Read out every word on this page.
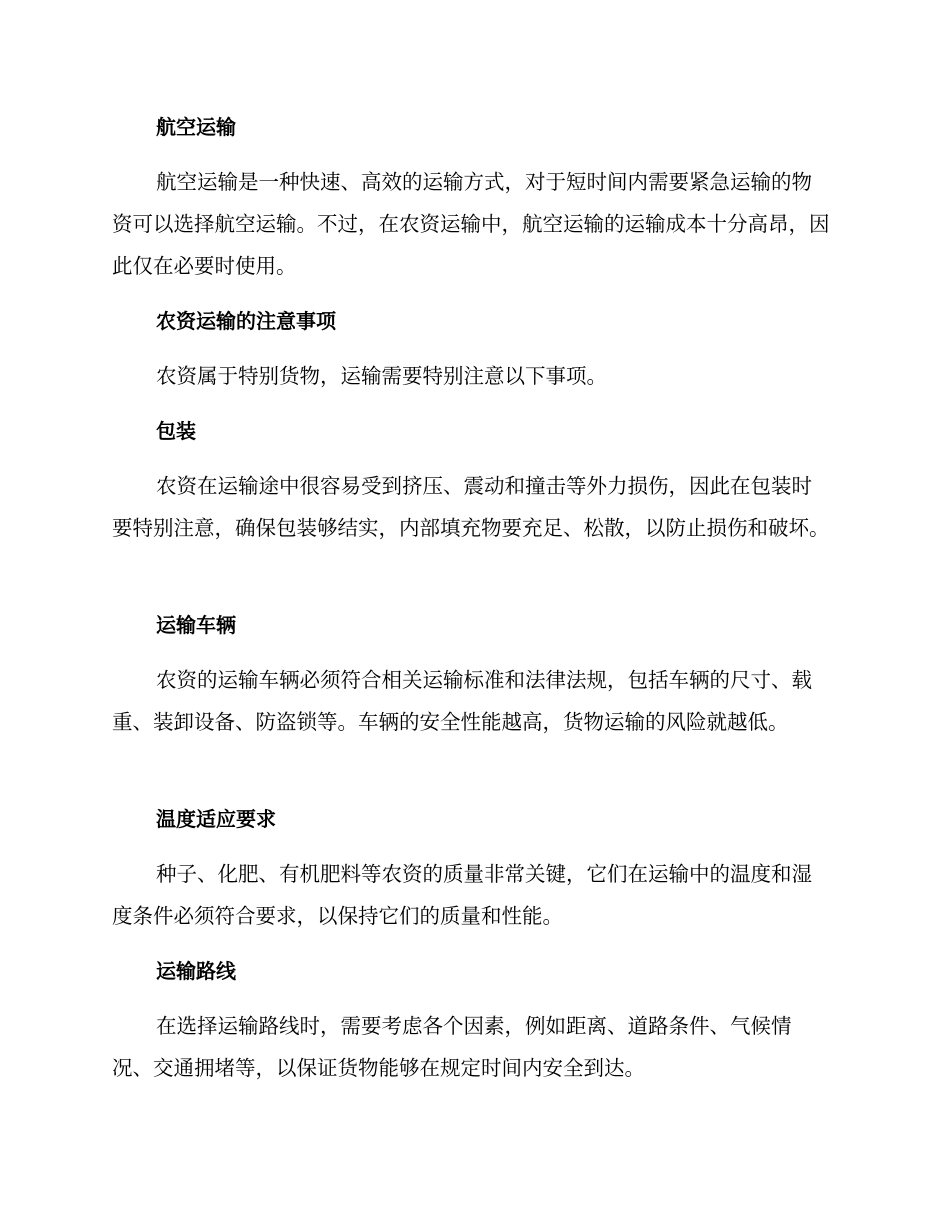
航空运输
航空运输是一种快速、高效的运输方式，对于短时间内需要紧急运输的物资可以选择航空运输。不过，在农资运输中，航空运输的运输成本十分高昂，因此仅在必要时使用。
农资运输的注意事项
农资属于特别货物，运输需要特别注意以下事项。
包装
农资在运输途中很容易受到挤压、震动和撞击等外力损伤，因此在包装时要特别注意，确保包装够结实，内部填充物要充足、松散，以防止损伤和破坏。
运输车辆
农资的运输车辆必须符合相关运输标准和法律法规，包括车辆的尺寸、载重、装卸设备、防盗锁等。车辆的安全性能越高，货物运输的风险就越低。
温度适应要求
种子、化肥、有机肥料等农资的质量非常关键，它们在运输中的温度和湿度条件必须符合要求，以保持它们的质量和性能。
运输路线
在选择运输路线时，需要考虑各个因素，例如距离、道路条件、气候情况、交通拥堵等，以保证货物能够在规定时间内安全到达。
